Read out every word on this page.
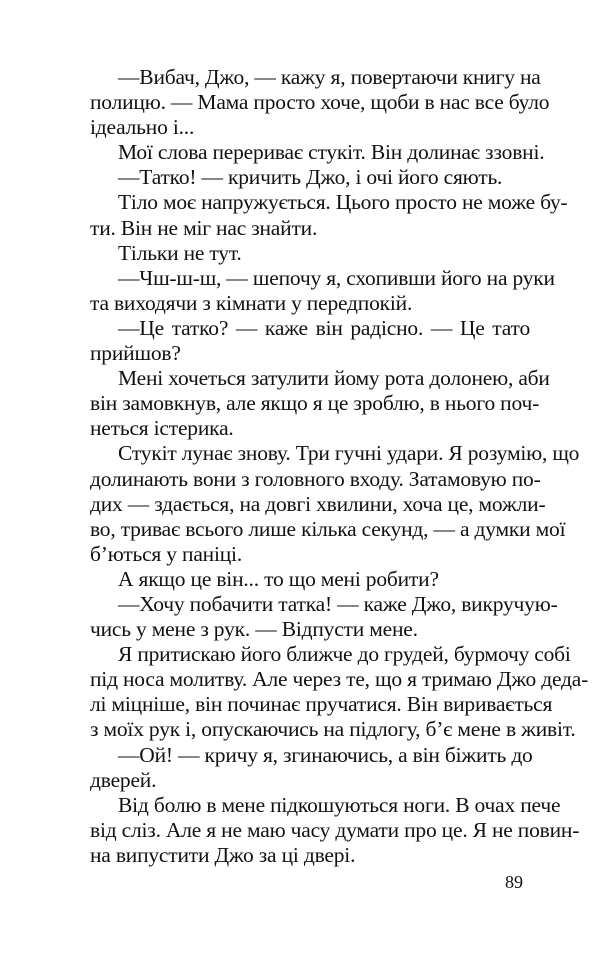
—Вибач, Джо, — кажу я, повертаючи книгу на
полицю. — Мама просто хоче, щоби в нас все було
ідеально і...
Мої слова перериває стукіт. Він долинає ззовні.
—Татко! — кричить Джо, і очі його сяють.
Тіло моє напружується. Цього просто не може бу-
ти. Він не міг нас знайти.
Тільки не тут.
—Чш-ш-ш, — шепочу я, схопивши його на руки
та виходячи з кімнати у передпокій.
—Це татко? — каже він радісно. — Це тато
прийшов?
Мені хочеться затулити йому рота долонею, аби
він замовкнув, але якщо я це зроблю, в нього поч-
неться істерика.
Стукіт лунає знову. Три гучні удари. Я розумію, що
долинають вони з головного входу. Затамовую по-
дих — здається, на довгі хвилини, хоча це, можли-
во, триває всього лише кілька секунд, — а думки мої
б’ються у паніці.
А якщо це він... то що мені робити?
—Хочу побачити татка! — каже Джо, викручую-
чись у мене з рук. — Відпусти мене.
Я притискаю його ближче до грудей, бурмочу собі
під носа молитву. Але через те, що я тримаю Джо деда-
лі міцніше, він починає пручатися. Він виривається
з моїх рук і, опускаючись на підлогу, б’є мене в живіт.
—Ой! — кричу я, згинаючись, а він біжить до
дверей.
Від болю в мене підкошуються ноги. В очах пече
від сліз. Але я не маю часу думати про це. Я не повин-
на випустити Джо за ці двері.
89
